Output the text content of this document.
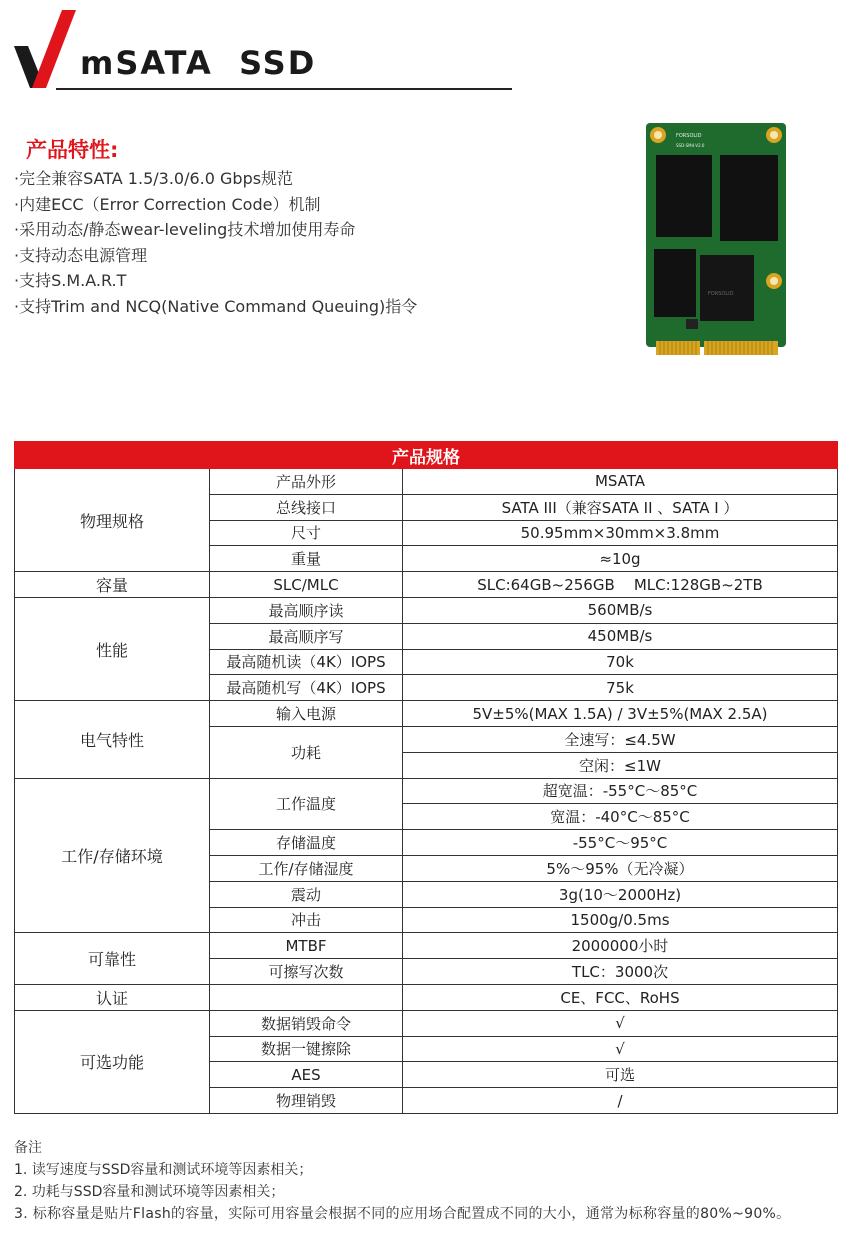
mSATA  SSD
产品特性:
·完全兼容SATA 1.5/3.0/6.0 Gbps规范
·内建ECC（Error Correction Code）机制
·采用动态/静态wear-leveling技术增加使用寿命
·支持动态电源管理
·支持S.M.A.R.T
·支持Trim and NCQ(Native Command Queuing)指令
FORSOLID
SSD-SM4-V2.0
FORSOLID
产品规格		
物理规格	产品外形	MSATA
	总线接口	SATA III（兼容SATA II 、SATA I ）
	尺寸	50.95mm×30mm×3.8mm
	重量	≈10g
容量	SLC/MLC	SLC:64GB~256GB    MLC:128GB~2TB
性能	最高顺序读	560MB/s
	最高顺序写	450MB/s
	最高随机读（4K）IOPS	70k
	最高随机写（4K）IOPS	75k
电气特性	输入电源	5V±5%(MAX 1.5A) / 3V±5%(MAX 2.5A)
	功耗	全速写：≤4.5W
		空闲：≤1W
工作/存储环境	工作温度	超宽温：-55°C～85°C
		宽温：-40°C～85°C
	存储温度	-55°C～95°C
	工作/存储湿度	5%～95%（无冷凝）
	震动	3g(10～2000Hz)
	冲击	1500g/0.5ms
可靠性	MTBF	2000000小时
	可擦写次数	TLC：3000次
认证		CE、FCC、RoHS
可选功能	数据销毁命令	√
	数据一键擦除	√
	AES	可选
	物理销毁	/
备注
1. 读写速度与SSD容量和测试环境等因素相关；
2. 功耗与SSD容量和测试环境等因素相关；
3. 标称容量是贴片Flash的容量，实际可用容量会根据不同的应用场合配置成不同的大小，通常为标称容量的80%~90%。
